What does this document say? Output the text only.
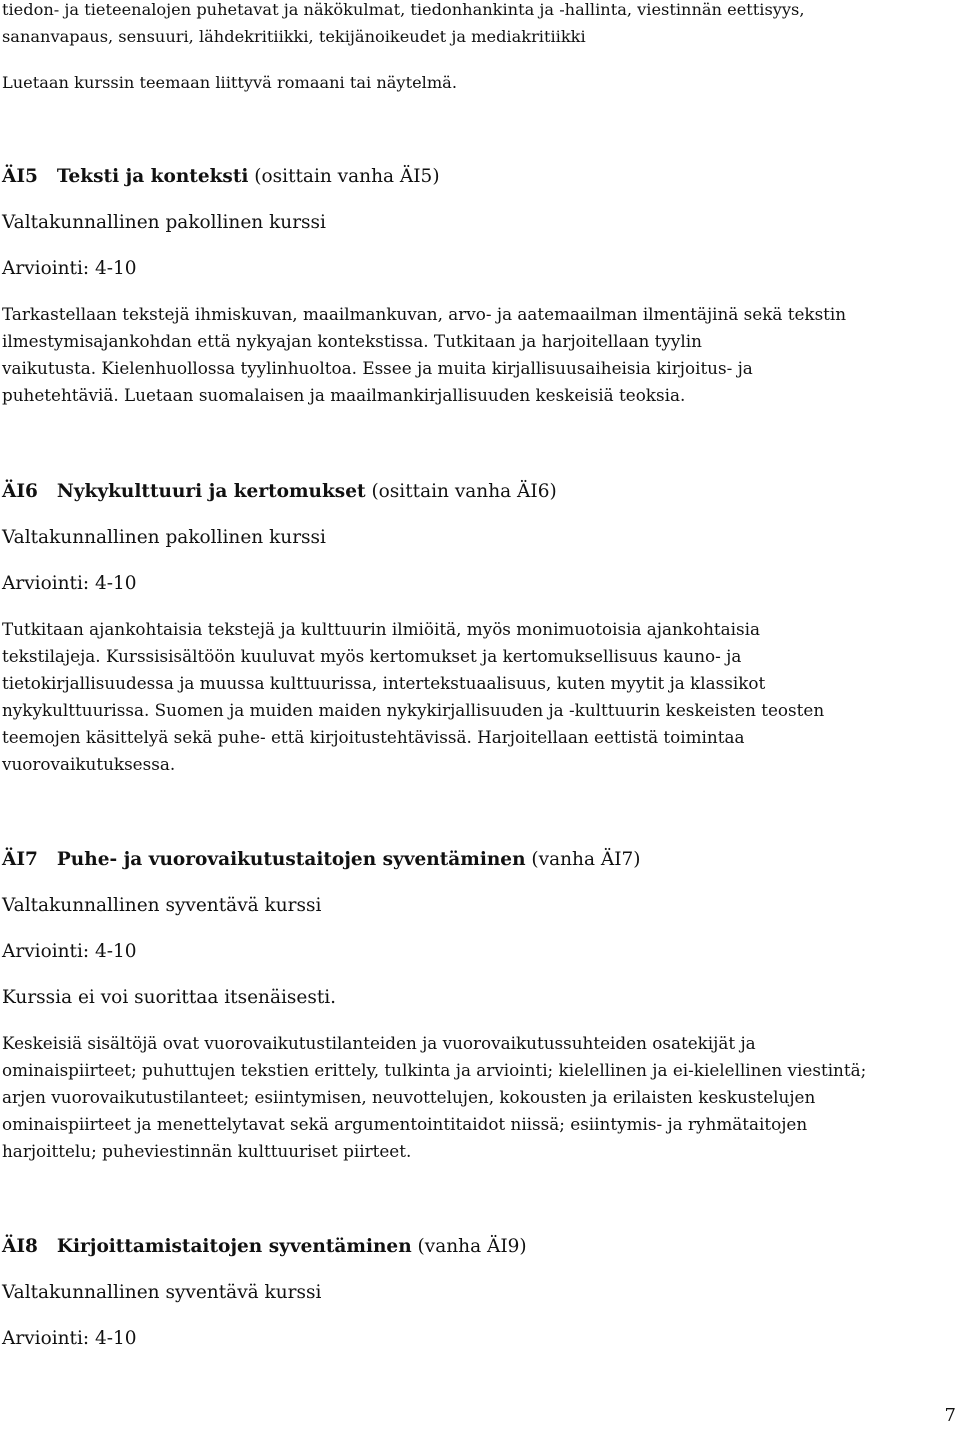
tiedon- ja tieteenalojen puhetavat ja näkökulmat, tiedonhankinta ja -hallinta, viestinnän eettisyys,

sananvapaus, sensuuri, lähdekritiikki, tekijänoikeudet ja mediakritiikki

Luetaan kurssin teemaan liittyvä romaani tai näytelmä.

ÄI5 Teksti ja konteksti (osittain vanha ÄI5)

Valtakunnallinen pakollinen kurssi

Arviointi: 4-10

Tarkastellaan tekstejä ihmiskuvan, maailmankuvan, arvo- ja aatemaailman ilmentäjinä sekä tekstin

ilmestymisajankohdan että nykyajan kontekstissa. Tutkitaan ja harjoitellaan tyylin

vaikutusta. Kielenhuollossa tyylinhuoltoa. Essee ja muita kirjallisuusaiheisia kirjoitus- ja

puhetehtäviä. Luetaan suomalaisen ja maailmankirjallisuuden keskeisiä teoksia.

ÄI6 Nykykulttuuri ja kertomukset (osittain vanha ÄI6)

Valtakunnallinen pakollinen kurssi

Arviointi: 4-10

Tutkitaan ajankohtaisia tekstejä ja kulttuurin ilmiöitä, myös monimuotoisia ajankohtaisia

tekstilajeja. Kurssisisältöön kuuluvat myös kertomukset ja kertomuksellisuus kauno- ja

tietokirjallisuudessa ja muussa kulttuurissa, intertekstuaalisuus, kuten myytit ja klassikot

nykykulttuurissa. Suomen ja muiden maiden nykykirjallisuuden ja -kulttuurin keskeisten teosten

teemojen käsittelyä sekä puhe- että kirjoitustehtävissä. Harjoitellaan eettistä toimintaa

vuorovaikutuksessa.

ÄI7 Puhe- ja vuorovaikutustaitojen syventäminen (vanha ÄI7)

Valtakunnallinen syventävä kurssi

Arviointi: 4-10

Kurssia ei voi suorittaa itsenäisesti.

Keskeisiä sisältöjä ovat vuorovaikutustilanteiden ja vuorovaikutussuhteiden osatekijät ja

ominaispiirteet; puhuttujen tekstien erittely, tulkinta ja arviointi; kielellinen ja ei-kielellinen viestintä;

arjen vuorovaikutustilanteet; esiintymisen, neuvottelujen, kokousten ja erilaisten keskustelujen

ominaispiirteet ja menettelytavat sekä argumentointitaidot niissä; esiintymis- ja ryhmätaitojen

harjoittelu; puheviestinnän kulttuuriset piirteet.

ÄI8 Kirjoittamistaitojen syventäminen (vanha ÄI9)

Valtakunnallinen syventävä kurssi

Arviointi: 4-10

7
